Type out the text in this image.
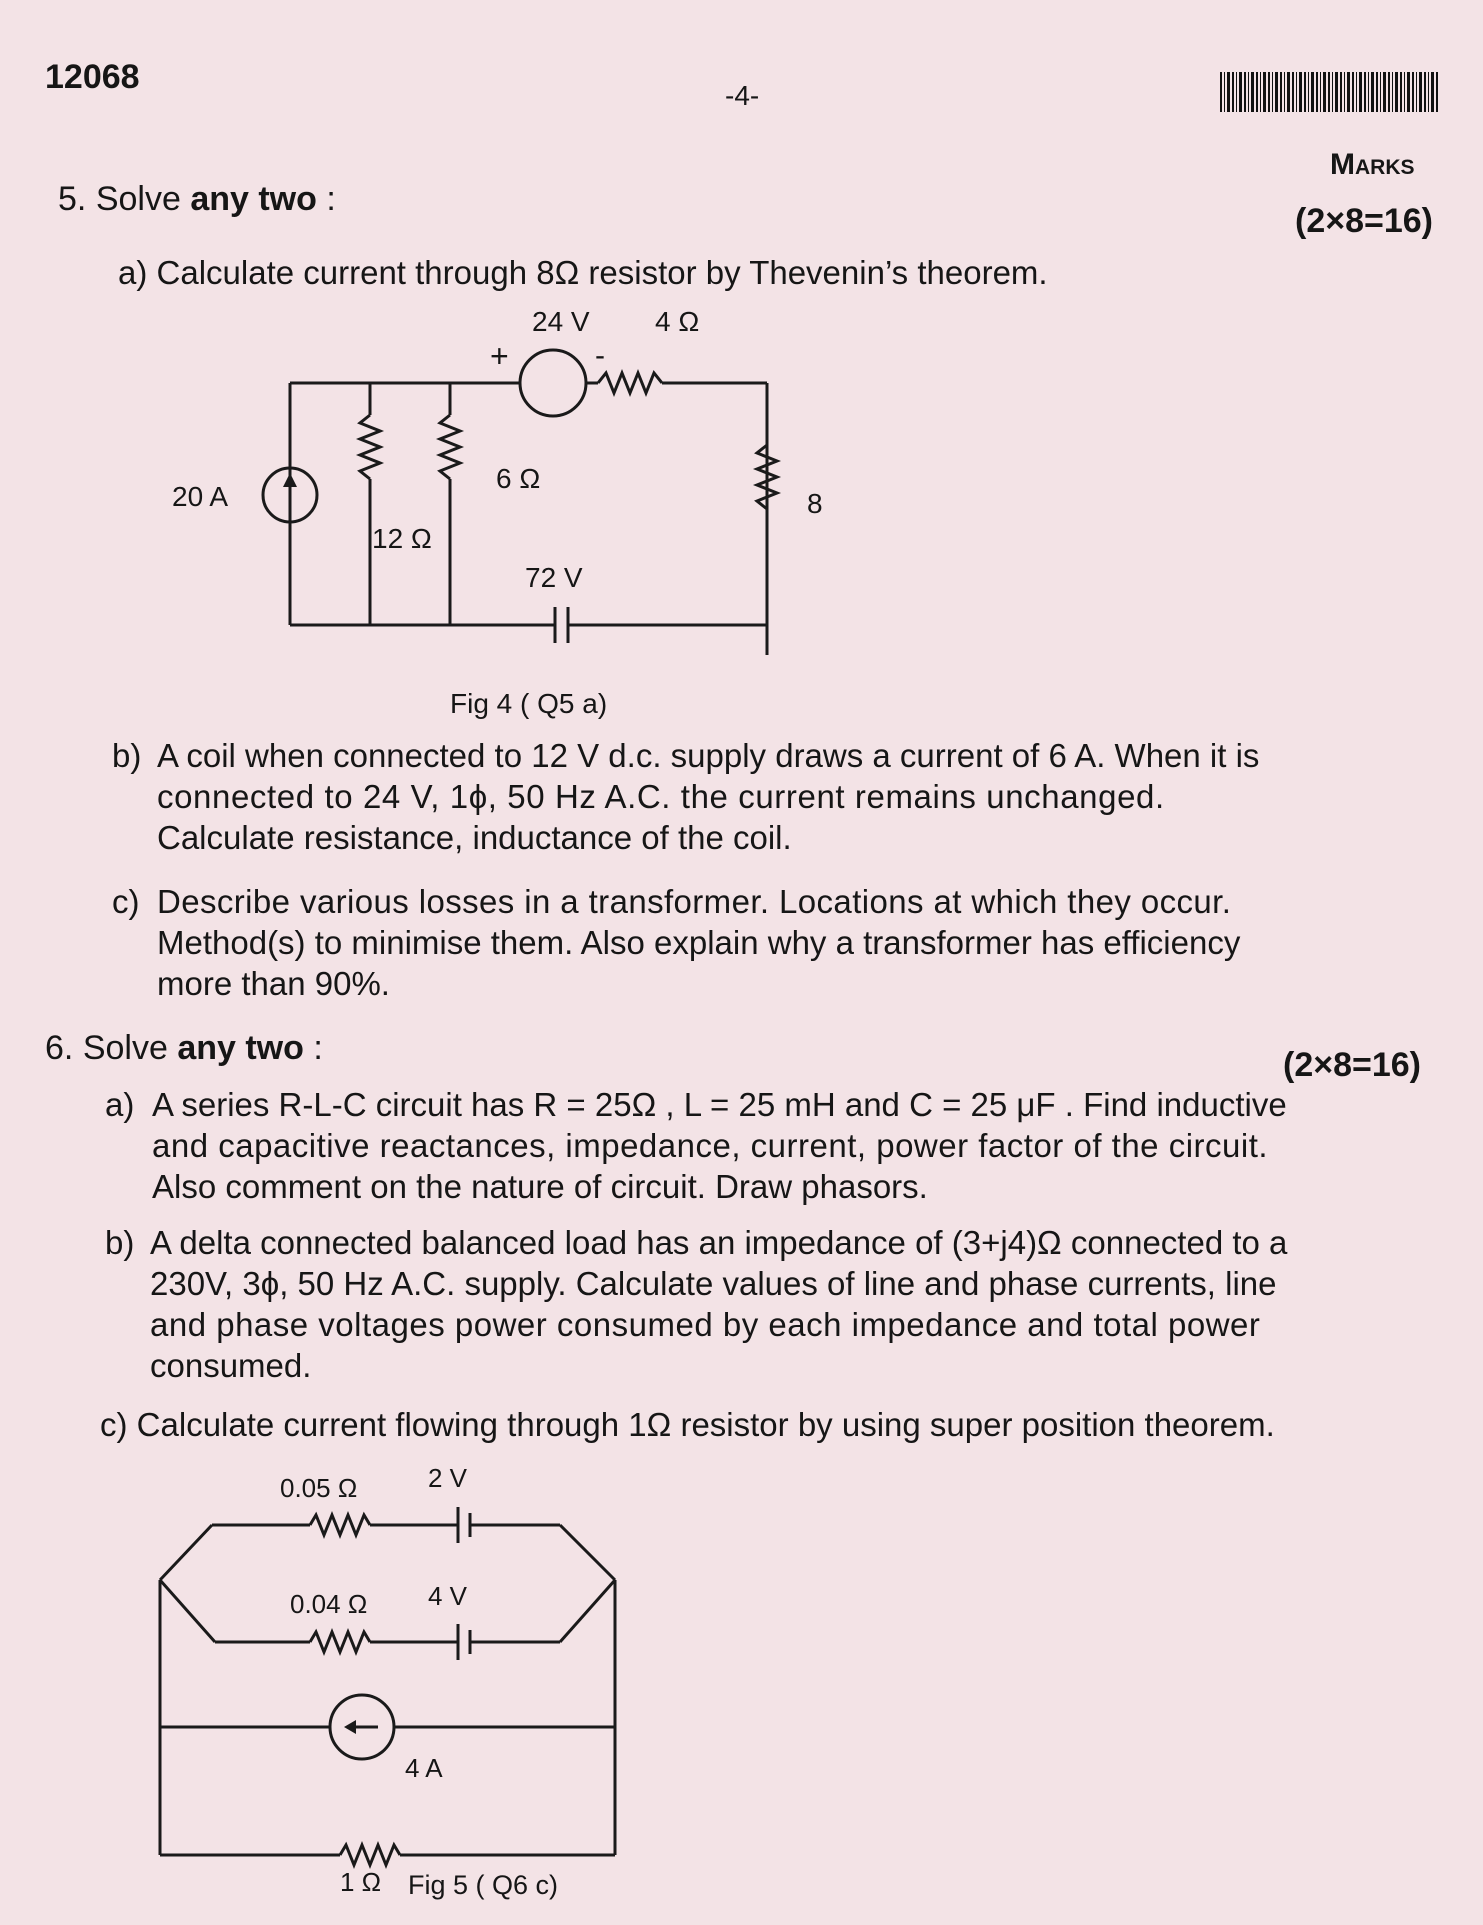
12068	-4-
Marks
5. Solve any two :
(2×8=16)
a) Calculate current through 8Ω resistor by Thevenin’s theorem.
24 V 4 Ω
+	-
20 A
12 Ω
6 Ω
8
72 V
Fig 4 ( Q5 a)
b) A coil when connected to 12 V d.c. supply draws a current of 6 A. When it is
connected to 24 V, 1ϕ, 50 Hz A.C. the current remains unchanged.
Calculate resistance, inductance of the coil.
c) Describe various losses in a transformer. Locations at which they occur.
Method(s) to minimise them. Also explain why a transformer has efficiency
more than 90%.
6. Solve any two :	(2×8=16)
a) A series R-L-C circuit has R = 25Ω , L = 25 mH and C = 25 μF . Find inductive
and capacitive reactances, impedance, current, power factor of the circuit.
Also comment on the nature of circuit. Draw phasors.
b) A delta connected balanced load has an impedance of (3+j4)Ω connected to a
230V, 3ϕ, 50 Hz A.C. supply. Calculate values of line and phase currents, line
and phase voltages power consumed by each impedance and total power
consumed.
c) Calculate current flowing through 1Ω resistor by using super position theorem.
0.05 Ω	2 V
0.04 Ω 4 V
4 A
1 Ω Fig 5 ( Q6 c)
